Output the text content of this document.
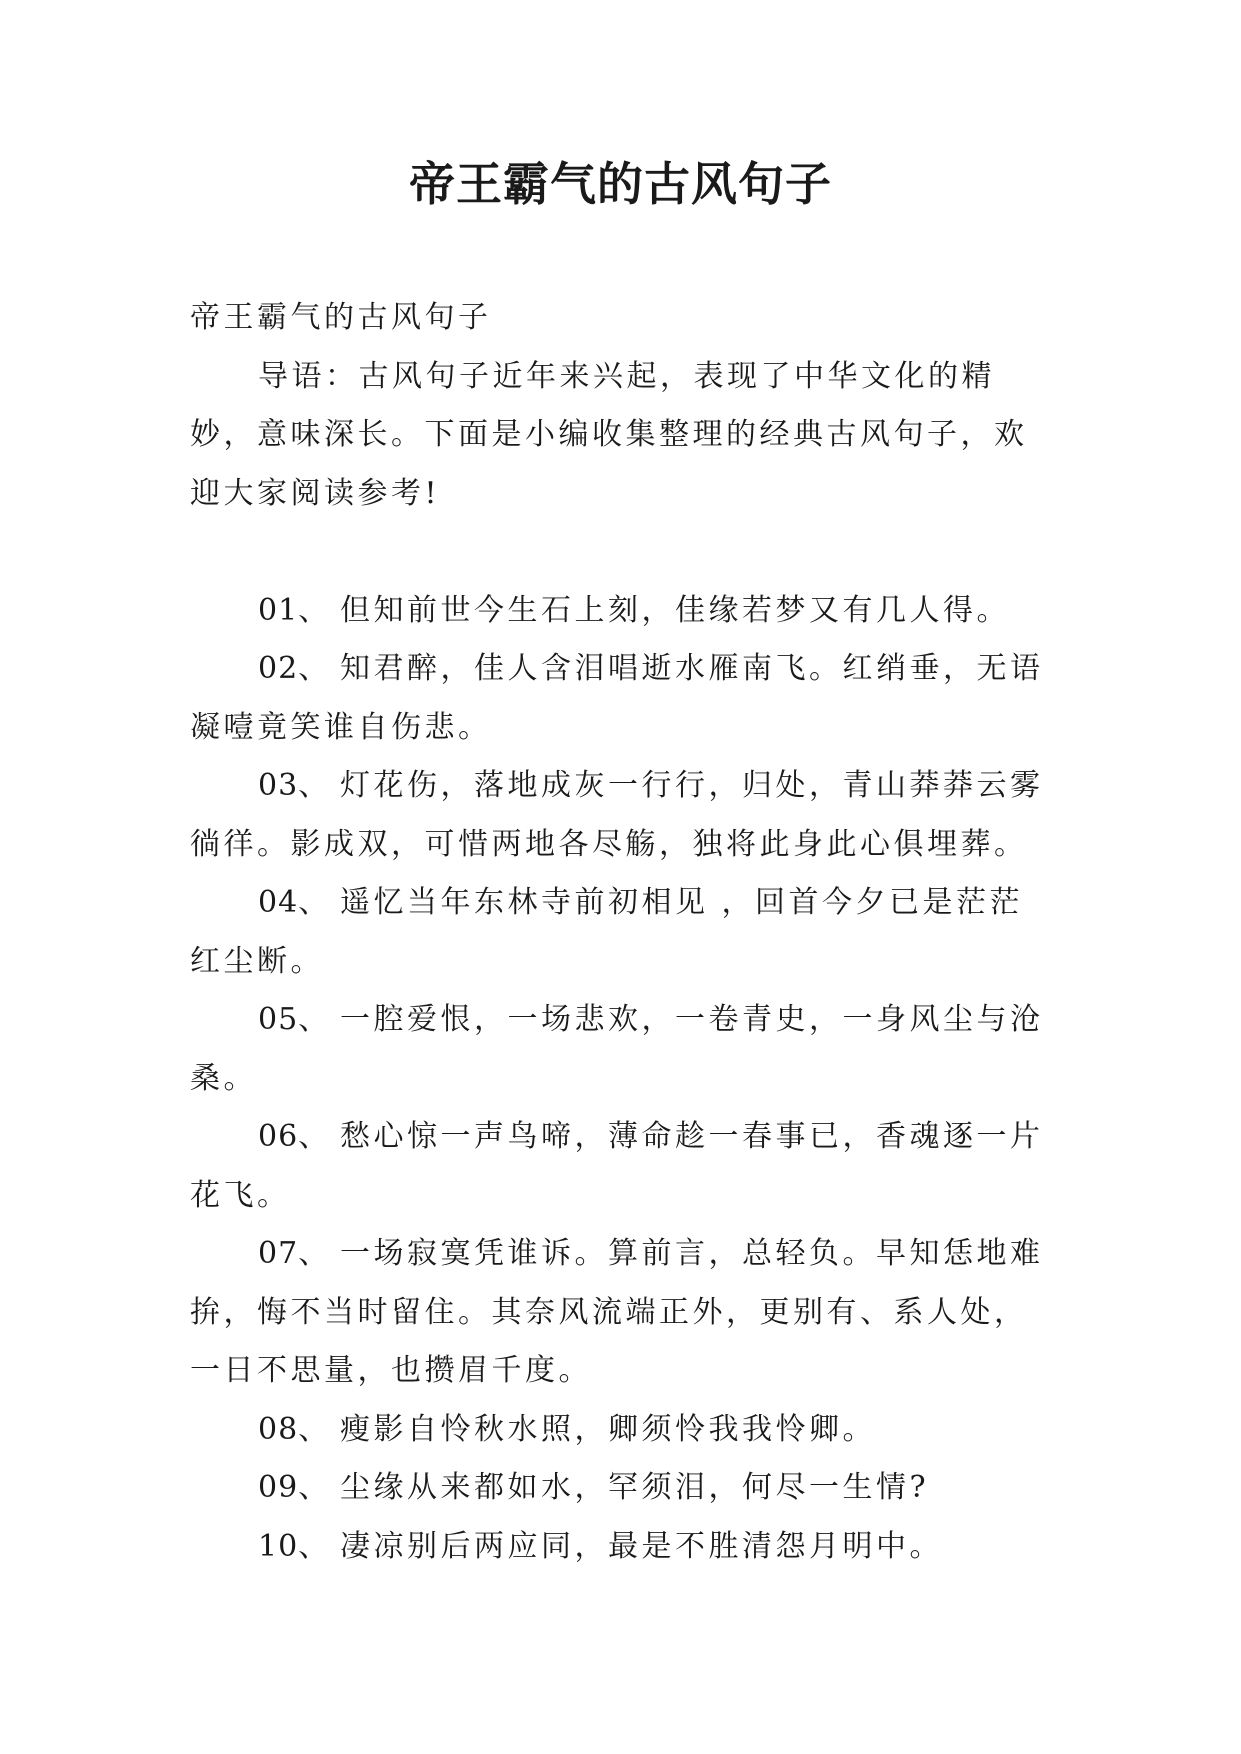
帝王霸气的古风句子

帝王霸气的古风句子

导语：古风句子近年来兴起，表现了中华文化的精妙，意味深长。下面是小编收集整理的经典古风句子，欢迎大家阅读参考!

01、 但知前世今生石上刻，佳缘若梦又有几人得。

02、 知君醉，佳人含泪唱逝水雁南飞。红绡垂，无语凝噎竟笑谁自伤悲。

03、 灯花伤，落地成灰一行行，归处，青山莽莽云雾徜徉。影成双，可惜两地各尽觞，独将此身此心俱埋葬。

04、 遥忆当年东林寺前初相见 ，回首今夕已是茫茫红尘断。

05、 一腔爱恨，一场悲欢，一卷青史，一身风尘与沧桑。

06、 愁心惊一声鸟啼，薄命趁一春事已，香魂逐一片花飞。

07、 一场寂寞凭谁诉。算前言，总轻负。早知恁地难拚，悔不当时留住。其奈风流端正外，更别有、系人处，一日不思量，也攒眉千度。

08、 瘦影自怜秋水照，卿须怜我我怜卿。

09、 尘缘从来都如水，罕须泪，何尽一生情?

10、 凄凉别后两应同，最是不胜清怨月明中。
